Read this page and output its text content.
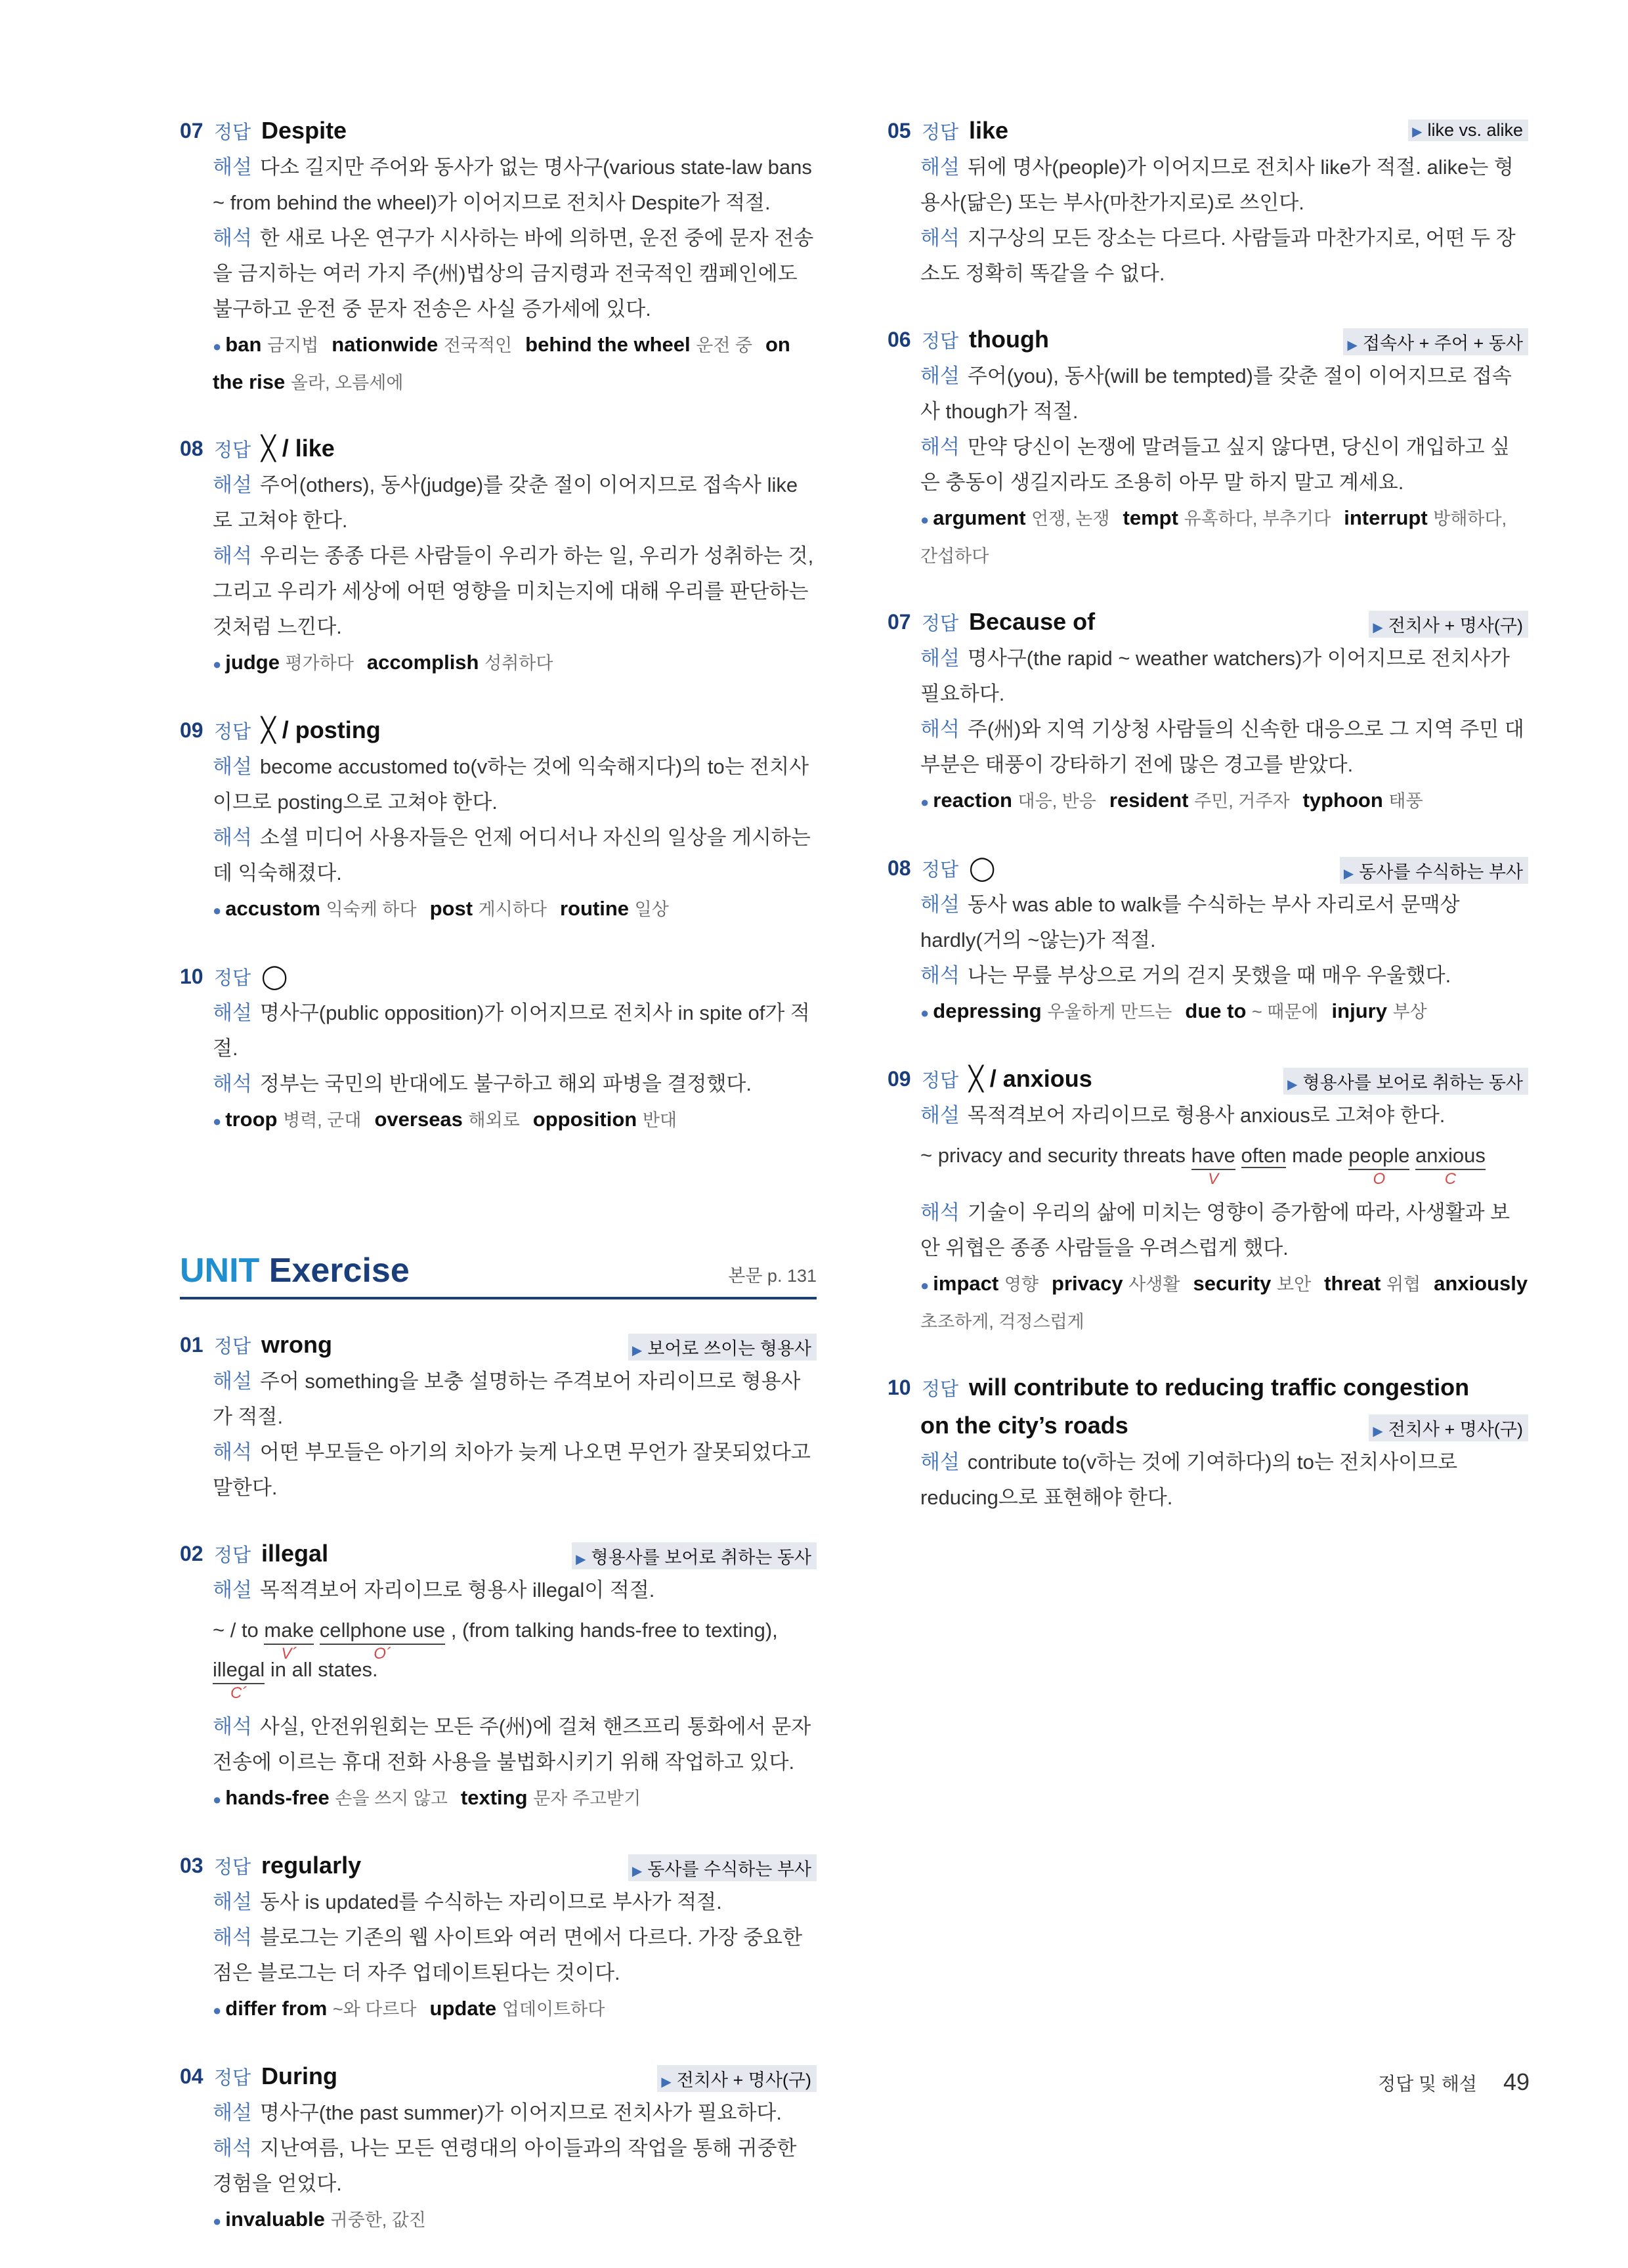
07 정답 Despite
해설 다소 길지만 주어와 동사가 없는 명사구(various state-law bans ~ from behind the wheel)가 이어지므로 전치사 Despite가 적절.
해석 한 새로 나온 연구가 시사하는 바에 의하면, 운전 중에 문자 전송을 금지하는 여러 가지 주(州)법상의 금지령과 전국적인 캠페인에도 불구하고 운전 중 문자 전송은 사실 증가세에 있다.
● ban 금지법 nationwide 전국적인 behind the wheel 운전 중 on the rise 올라, 오름세에
08 정답 ╳ / like
해설 주어(others), 동사(judge)를 갖춘 절이 이어지므로 접속사 like로 고쳐야 한다.
해석 우리는 종종 다른 사람들이 우리가 하는 일, 우리가 성취하는 것, 그리고 우리가 세상에 어떤 영향을 미치는지에 대해 우리를 판단하는 것처럼 느낀다.
● judge 평가하다 accomplish 성취하다
09 정답 ╳ / posting
해설 become accustomed to(v하는 것에 익숙해지다)의 to는 전치사이므로 posting으로 고쳐야 한다.
해석 소셜 미디어 사용자들은 언제 어디서나 자신의 일상을 게시하는 데 익숙해졌다.
● accustom 익숙케 하다 post 게시하다 routine 일상
10 정답 ◯
해설 명사구(public opposition)가 이어지므로 전치사 in spite of가 적절.
해석 정부는 국민의 반대에도 불구하고 해외 파병을 결정했다.
● troop 병력, 군대 overseas 해외로 opposition 반대
UNIT Exercise	본문 p. 131
01 정답 wrong	▶ 보어로 쓰이는 형용사
해설 주어 something을 보충 설명하는 주격보어 자리이므로 형용사가 적절.
해석 어떤 부모들은 아기의 치아가 늦게 나오면 무언가 잘못되었다고 말한다.
02 정답 illegal	▶ 형용사를 보어로 취하는 동사
해설 목적격보어 자리이므로 형용사 illegal이 적절.
~ / to make
V´
cellphone use
O´
, (from talking hands-free to texting), illegal
C´
in all states.
해석 사실, 안전위원회는 모든 주(州)에 걸쳐 핸즈프리 통화에서 문자 전송에 이르는 휴대 전화 사용을 불법화시키기 위해 작업하고 있다.
● hands-free 손을 쓰지 않고 texting 문자 주고받기
03 정답 regularly	▶ 동사를 수식하는 부사
해설 동사 is updated를 수식하는 자리이므로 부사가 적절.
해석 블로그는 기존의 웹 사이트와 여러 면에서 다르다. 가장 중요한 점은 블로그는 더 자주 업데이트된다는 것이다.
● differ from ~와 다르다 update 업데이트하다
04 정답 During	▶ 전치사 + 명사(구)
해설 명사구(the past summer)가 이어지므로 전치사가 필요하다.
해석 지난여름, 나는 모든 연령대의 아이들과의 작업을 통해 귀중한 경험을 얻었다.
● invaluable 귀중한, 값진
05 정답 like	▶ like vs. alike
해설 뒤에 명사(people)가 이어지므로 전치사 like가 적절. alike는 형용사(닮은) 또는 부사(마찬가지로)로 쓰인다.
해석 지구상의 모든 장소는 다르다. 사람들과 마찬가지로, 어떤 두 장소도 정확히 똑같을 수 없다.
06 정답 though	▶ 접속사 + 주어 + 동사
해설 주어(you), 동사(will be tempted)를 갖춘 절이 이어지므로 접속사 though가 적절.
해석 만약 당신이 논쟁에 말려들고 싶지 않다면, 당신이 개입하고 싶은 충동이 생길지라도 조용히 아무 말 하지 말고 계세요.
● argument 언쟁, 논쟁 tempt 유혹하다, 부추기다 interrupt 방해하다, 간섭하다
07 정답 Because of	▶ 전치사 + 명사(구)
해설 명사구(the rapid ~ weather watchers)가 이어지므로 전치사가 필요하다.
해석 주(州)와 지역 기상청 사람들의 신속한 대응으로 그 지역 주민 대부분은 태풍이 강타하기 전에 많은 경고를 받았다.
● reaction 대응, 반응 resident 주민, 거주자 typhoon 태풍
08 정답 ◯	▶ 동사를 수식하는 부사
해설 동사 was able to walk를 수식하는 부사 자리로서 문맥상 hardly(거의 ~않는)가 적절.
해석 나는 무릎 부상으로 거의 걷지 못했을 때 매우 우울했다.
● depressing 우울하게 만드는 due to ~ 때문에 injury 부상
09 정답 ╳ / anxious	▶ 형용사를 보어로 취하는 동사
해설 목적격보어 자리이므로 형용사 anxious로 고쳐야 한다.
~ privacy and security threats have
V
often made people
O
anxious
C
해석 기술이 우리의 삶에 미치는 영향이 증가함에 따라, 사생활과 보안 위협은 종종 사람들을 우려스럽게 했다.
● impact 영향 privacy 사생활 security 보안 threat 위협 anxiously 초조하게, 걱정스럽게
10 정답 will contribute to reducing traffic congestion
on the city’s roads	▶ 전치사 + 명사(구)
해설 contribute to(v하는 것에 기여하다)의 to는 전치사이므로 reducing으로 표현해야 한다.
정답 및 해설 49
